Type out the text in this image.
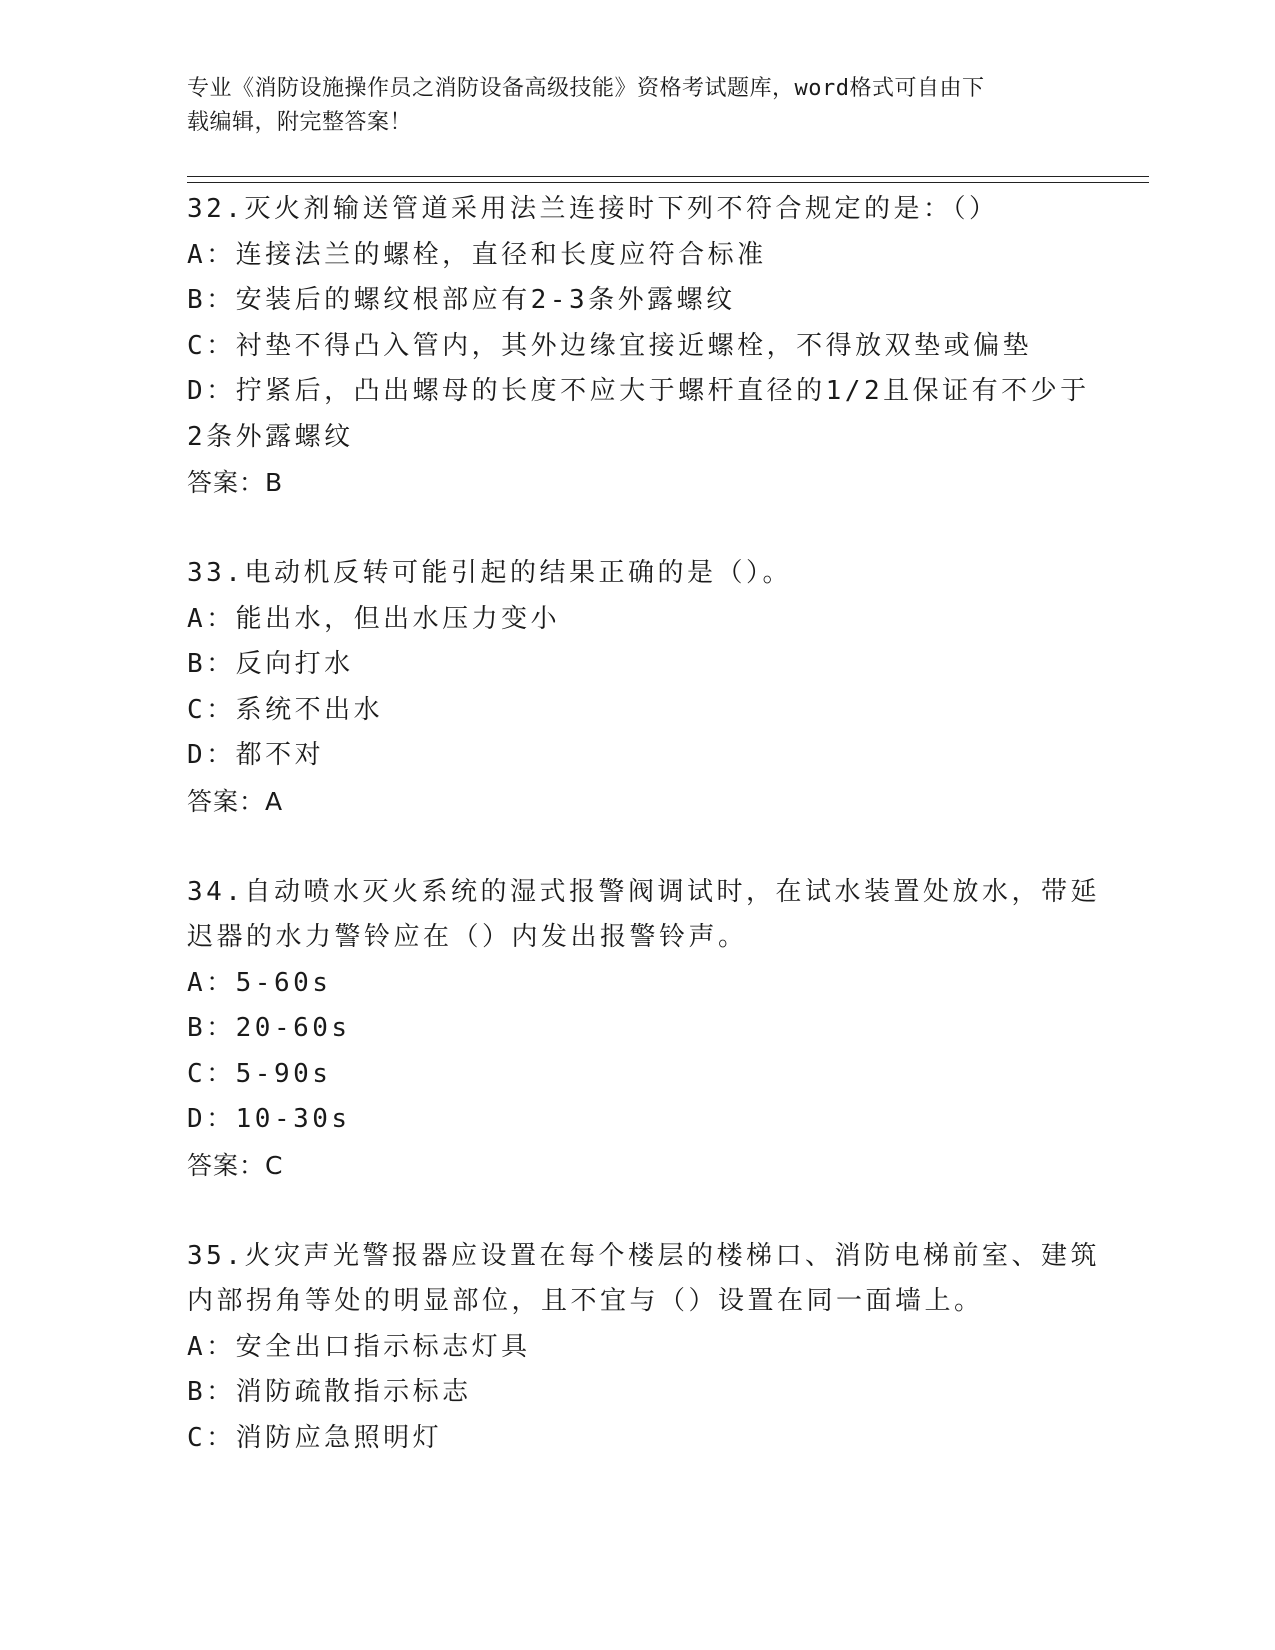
专业《消防设施操作员之消防设备高级技能》资格考试题库，word格式可自由下
载编辑，附完整答案！
32.灭火剂输送管道采用法兰连接时下列不符合规定的是：（）
A：连接法兰的螺栓，直径和长度应符合标准
B：安装后的螺纹根部应有2-3条外露螺纹
C：衬垫不得凸入管内，其外边缘宜接近螺栓，不得放双垫或偏垫
D：拧紧后，凸出螺母的长度不应大于螺杆直径的1/2且保证有不少于
2条外露螺纹
答案：B
33.电动机反转可能引起的结果正确的是（）。
A：能出水，但出水压力变小
B：反向打水
C：系统不出水
D：都不对
答案：A
34.自动喷水灭火系统的湿式报警阀调试时，在试水装置处放水，带延
迟器的水力警铃应在（）内发出报警铃声。
A：5-60s
B：20-60s
C：5-90s
D：10-30s
答案：C
35.火灾声光警报器应设置在每个楼层的楼梯口、消防电梯前室、建筑
内部拐角等处的明显部位，且不宜与（）设置在同一面墙上。
A：安全出口指示标志灯具
B：消防疏散指示标志
C：消防应急照明灯
